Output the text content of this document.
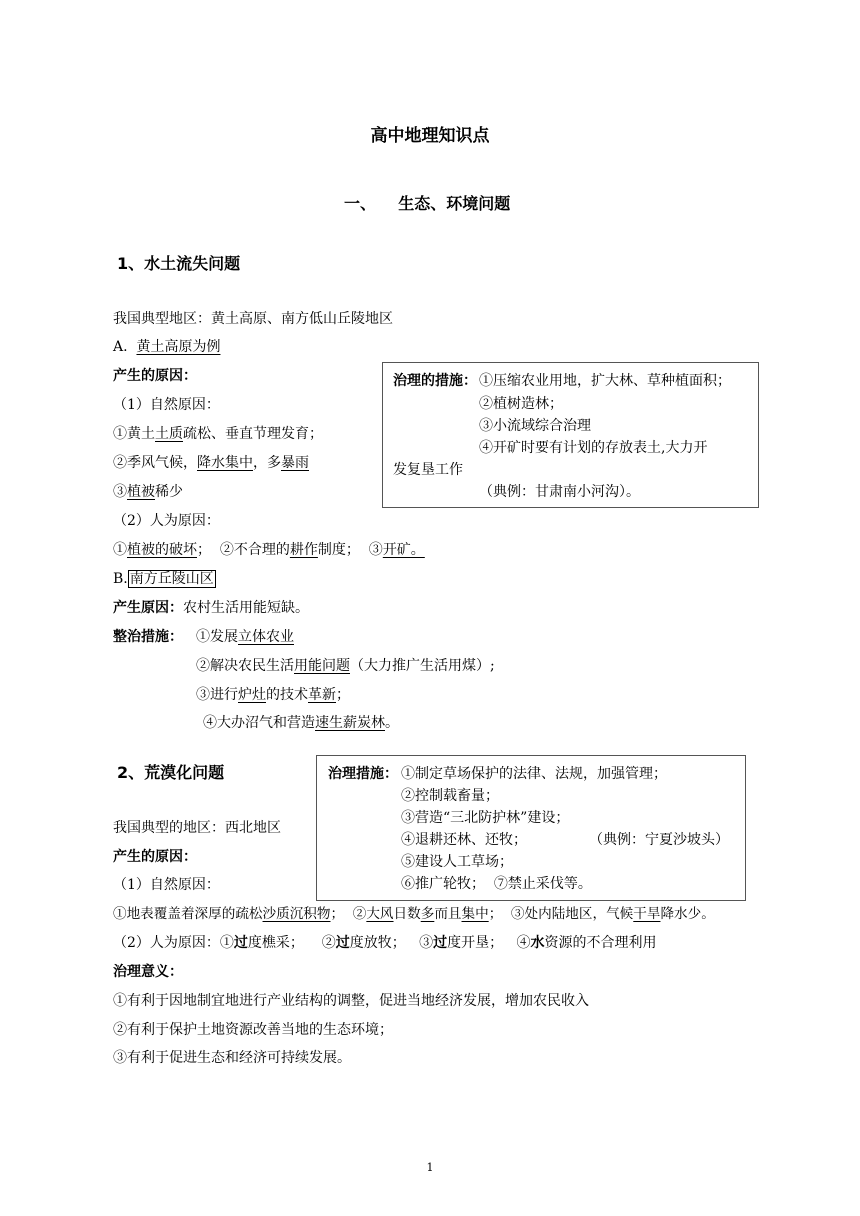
高中地理知识点
一、 生态、环境问题
1、水土流失问题
我国典型地区：黄土高原、南方低山丘陵地区
A. 黄土高原为例
产生的原因：
（1）自然原因：
①黄土土质疏松、垂直节理发育；
②季风气候，降水集中，多暴雨
③植被稀少
（2）人为原因：
①植被的破坏；  ②不合理的耕作制度；  ③开矿。
B. 南方丘陵山区
产生原因：农村生活用能短缺。
整治措施： ①发展立体农业
②解决农民生活用能问题（大力推广生活用煤）;
③进行炉灶的技术革新；
④大办沼气和营造速生薪炭林。
治理的措施： ①压缩农业用地，扩大林、草种植面积；
②植树造林；
③小流域综合治理
④开矿时要有计划的存放表土,大力开
发复垦工作
（典例：甘肃南小河沟）。
2、荒漠化问题
我国典型的地区：西北地区
产生的原因：
（1）自然原因：
①地表覆盖着深厚的疏松沙质沉积物；  ②大风日数多而且集中；  ③处内陆地区，气候干旱降水少。
（2）人为原因：①过度樵采；    ②过度放牧；   ③过度开垦；   ④水资源的不合理利用
治理意义：
①有利于因地制宜地进行产业结构的调整，促进当地经济发展，增加农民收入
②有利于保护土地资源改善当地的生态环境；
③有利于促进生态和经济可持续发展。
治理措施： ①制定草场保护的法律、法规，加强管理；
②控制载畜量；
③营造“三北防护林”建设；
④退耕还林、还牧；	（典例：宁夏沙坡头）
⑤建设人工草场；
⑥推广轮牧；  ⑦禁止采伐等。
1
